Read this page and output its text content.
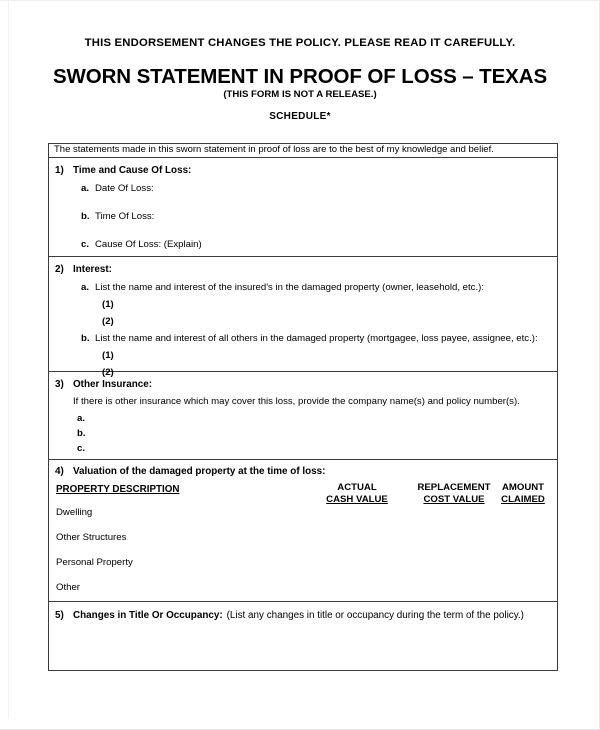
THIS ENDORSEMENT CHANGES THE POLICY. PLEASE READ IT CAREFULLY.
SWORN STATEMENT IN PROOF OF LOSS – TEXAS
(THIS FORM IS NOT A RELEASE.)
SCHEDULE*
The statements made in this sworn statement in proof of loss are to the best of my knowledge and belief.
1) Time and Cause Of Loss:
a. Date Of Loss:
b. Time Of Loss:
c. Cause Of Loss: (Explain)
2) Interest:
a. List the name and interest of the insured's in the damaged property (owner, leasehold, etc.):
(1)
(2)
b. List the name and interest of all others in the damaged property (mortgagee, loss payee, assignee, etc.):
(1)
(2)
3) Other Insurance:
If there is other insurance which may cover this loss, provide the company name(s) and policy number(s).
a.
b.
c.
4) Valuation of the damaged property at the time of loss:
PROPERTY DESCRIPTION	ACTUAL
CASH VALUE
REPLACEMENT
COST VALUE
AMOUNT
CLAIMED
Dwelling
Other Structures
Personal Property
Other
5) Changes in Title Or Occupancy: (List any changes in title or occupancy during the term of the policy.)
